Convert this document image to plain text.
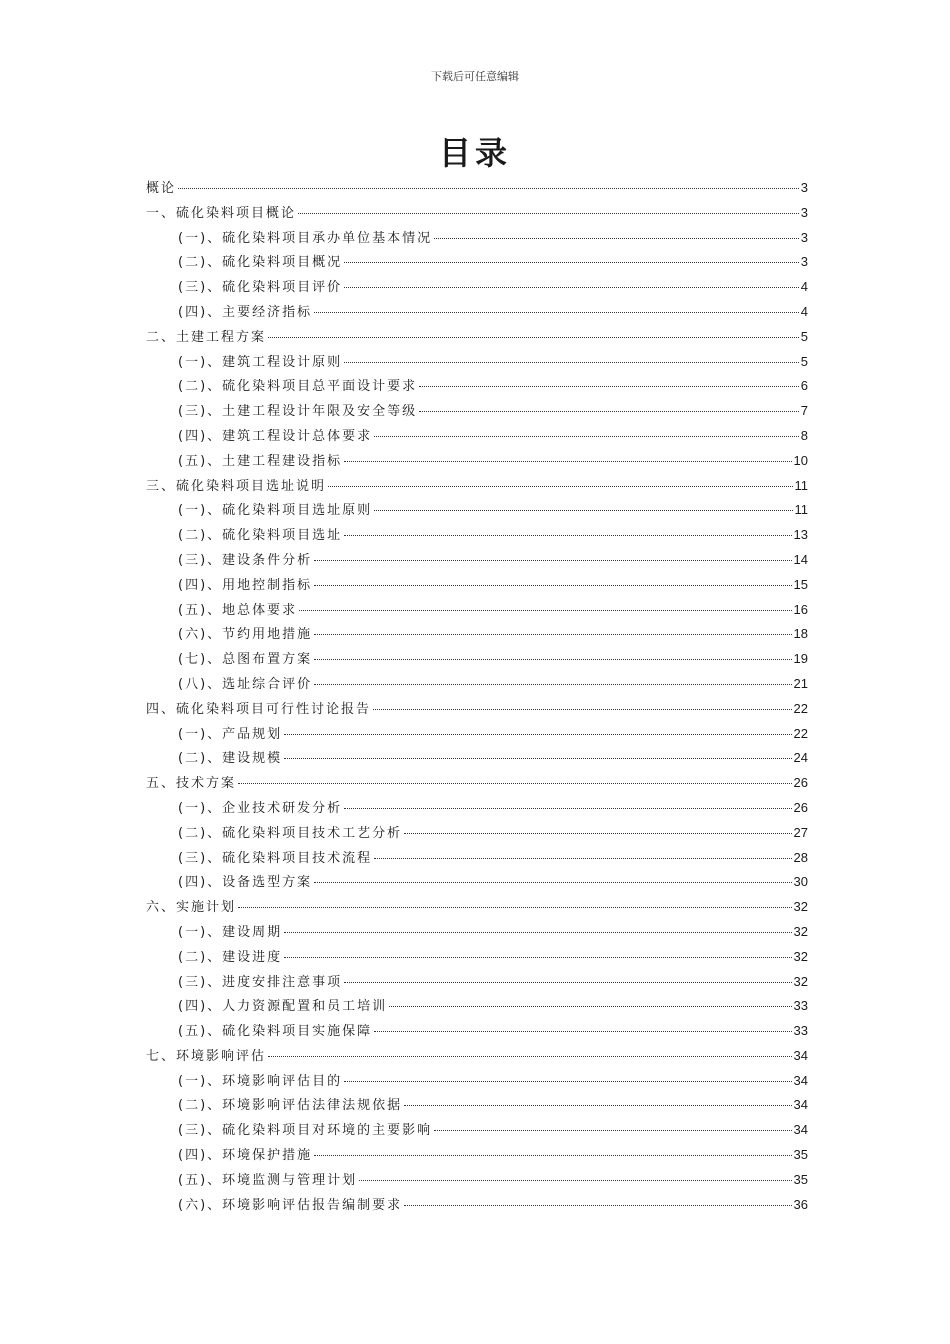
下载后可任意编辑
目录
概论	3
一、硫化染料项目概论	3
(一)、硫化染料项目承办单位基本情况	3
(二)、硫化染料项目概况	3
(三)、硫化染料项目评价	4
(四)、主要经济指标	4
二、土建工程方案	5
(一)、建筑工程设计原则	5
(二)、硫化染料项目总平面设计要求	6
(三)、土建工程设计年限及安全等级	7
(四)、建筑工程设计总体要求	8
(五)、土建工程建设指标	10
三、硫化染料项目选址说明	11
(一)、硫化染料项目选址原则	11
(二)、硫化染料项目选址	13
(三)、建设条件分析	14
(四)、用地控制指标	15
(五)、地总体要求	16
(六)、节约用地措施	18
(七)、总图布置方案	19
(八)、选址综合评价	21
四、硫化染料项目可行性讨论报告	22
(一)、产品规划	22
(二)、建设规模	24
五、技术方案	26
(一)、企业技术研发分析	26
(二)、硫化染料项目技术工艺分析	27
(三)、硫化染料项目技术流程	28
(四)、设备选型方案	30
六、实施计划	32
(一)、建设周期	32
(二)、建设进度	32
(三)、进度安排注意事项	32
(四)、人力资源配置和员工培训	33
(五)、硫化染料项目实施保障	33
七、环境影响评估	34
(一)、环境影响评估目的	34
(二)、环境影响评估法律法规依据	34
(三)、硫化染料项目对环境的主要影响	34
(四)、环境保护措施	35
(五)、环境监测与管理计划	35
(六)、环境影响评估报告编制要求	36
